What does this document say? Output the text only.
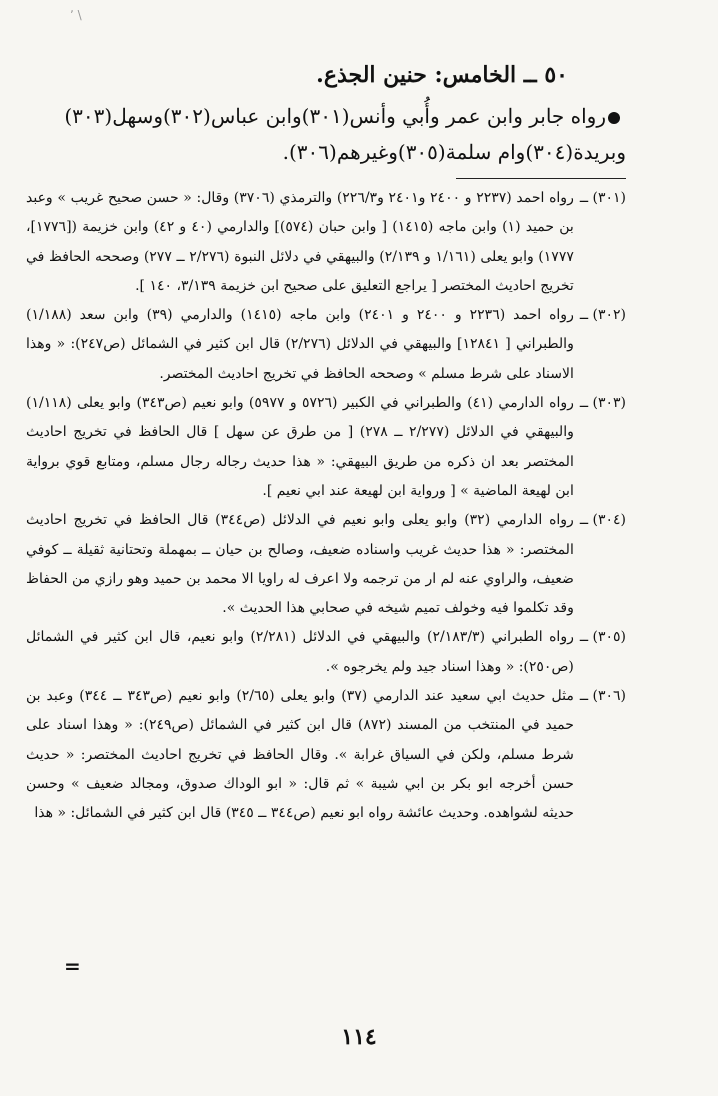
٬ \
٥٠ ــ الخامس: حنين الجذع.
رواه جابر وابن عمر وأُبي وأنس(٣٠١)وابن عباس(٣٠٢)وسهل(٣٠٣)
وبريدة(٣٠٤)وام سلمة(٣٠٥)وغيرهم(٣٠٦).
(٣٠١) ــ
رواه احمد (٢٢٣٧ و ٢٤٠٠ و٢٤٠١ و٢٢٦/٣) والترمذي (٣٧٠٦) وقال: « حسن صحيح غريب » وعبد بن حميد (١) وابن ماجه (١٤١٥) [ وابن حبان (٥٧٤)] والدارمي (٤٠ و ٤٢) وابن خزيمة ([١٧٧٦]، ١٧٧٧) وابو يعلى (١/١٦١ و ٢/١٣٩) والبيهقي في دلائل النبوة (٢/٢٧٦ ــ ٢٧٧) وصححه الحافظ في تخريج احاديث المختصر [ يراجع التعليق على صحيح ابن خزيمة ٣/١٣٩، ١٤٠ ].
(٣٠٢) ــ
رواه احمد (٢٢٣٦ و ٢٤٠٠ و ٢٤٠١) وابن ماجه (١٤١٥) والدارمي (٣٩) وابن سعد (١/١٨٨) والطبراني [ ١٢٨٤١] والبيهقي في الدلائل (٢/٢٧٦) قال ابن كثير في الشمائل (ص٢٤٧): « وهذا الاسناد على شرط مسلم » وصححه الحافظ في تخريج احاديث المختصر.
(٣٠٣) ــ
رواه الدارمي (٤١) والطبراني في الكبير (٥٧٢٦ و ٥٩٧٧) وابو نعيم (ص٣٤٣) وابو يعلى (١/١١٨) والبيهقي في الدلائل (٢/٢٧٧ ــ ٢٧٨) [ من طرق عن سهل ] قال الحافظ في تخريج احاديث المختصر بعد ان ذكره من طريق البيهقي: « هذا حديث رجاله رجال مسلم، ومتابع قوي برواية ابن لهيعة الماضية » [ ورواية ابن لهيعة عند ابي نعيم ].
(٣٠٤) ــ
رواه الدارمي (٣٢) وابو يعلى وابو نعيم في الدلائل (ص٣٤٤) قال الحافظ في تخريج احاديث المختصر: « هذا حديث غريب واسناده ضعيف، وصالح بن حيان ــ بمهملة وتحتانية ثقيلة ــ كوفي ضعيف، والراوي عنه لم ار من ترجمه ولا اعرف له راويا الا محمد بن حميد وهو رازي من الحفاظ وقد تكلموا فيه وخولف تميم شيخه في صحابي هذا الحديث ».
(٣٠٥) ــ
رواه الطبراني (٢/١٨٣/٣) والبيهقي في الدلائل (٢/٢٨١) وابو نعيم، قال ابن كثير في الشمائل (ص٢٥٠): « وهذا اسناد جيد ولم يخرجوه ».
(٣٠٦) ــ
مثل حديث ابي سعيد عند الدارمي (٣٧) وابو يعلى (٢/٦٥) وابو نعيم (ص٣٤٣ ــ ٣٤٤) وعبد بن حميد في المنتخب من المسند (٨٧٢) قال ابن كثير في الشمائل (ص٢٤٩): « وهذا اسناد على شرط مسلم، ولكن في السياق غرابة ». وقال الحافظ في تخريج احاديث المختصر: « حديث حسن أخرجه ابو بكر بن ابي شيبة » ثم قال: « ابو الوداك صدوق، ومجالد ضعيف » وحسن حديثه لشواهده. وحديث عائشة رواه ابو نعيم (ص٣٤٤ ــ ٣٤٥) قال ابن كثير في الشمائل: « هذا
=
١١٤
